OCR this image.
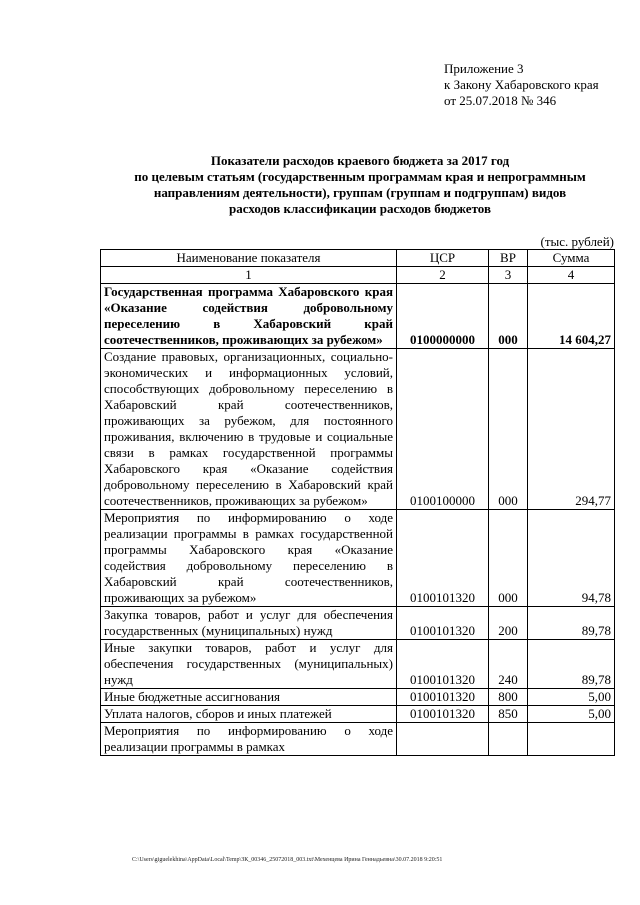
Приложение 3
к Закону Хабаровского края
от 25.07.2018 № 346
Показатели расходов краевого бюджета за 2017 год
по целевым статьям (государственным программам края и непрограммным
направлениям деятельности), группам (группам и подгруппам) видов
расходов классификации расходов бюджетов
(тыс. рублей)
Наименование показателя	ЦСР	ВР	Сумма
1	2	3	4
Государственная программа Хабаровского края «Оказание содействия добровольному переселению в Хабаровский край соотечественников, проживающих за рубежом»	0100000000	000	14 604,27
Создание правовых, организационных, социально-экономических и информационных условий, способствующих добровольному переселению в Хабаровский край соотечественников, проживающих за рубежом, для постоянного проживания, включению в трудовые и социальные связи в рамках государственной программы Хабаровского края «Оказание содействия добровольному переселению в Хабаровский край соотечественников, проживающих за рубежом»	0100100000	000	294,77
Мероприятия по информированию о ходе реализации программы в рамках государственной программы Хабаровского края «Оказание содействия добровольному переселению в Хабаровский край соотечественников, проживающих за рубежом»	0100101320	000	94,78
Закупка товаров, работ и услуг для обеспечения государственных (муниципальных) нужд	0100101320	200	89,78
Иные закупки товаров, работ и услуг для обеспечения государственных (муниципальных) нужд	0100101320	240	89,78
Иные бюджетные ассигнования	0100101320	800	5,00
Уплата налогов, сборов и иных платежей	0100101320	850	5,00
Мероприятия по информированию о ходе реализации программы в рамках			
C:\Users\giguelekhina\AppData\Local\Temp\ЗК_00346_25072018_003.txt\Мехенцева Ирина Геннадьевна\30.07.2018 9:20:51
